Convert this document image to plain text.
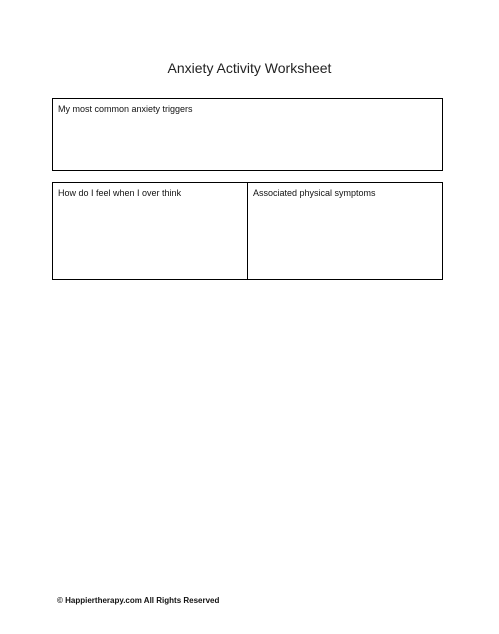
Anxiety Activity Worksheet
My most common anxiety triggers
How do I feel when I over think	Associated physical symptoms
© Happiertherapy.com All Rights Reserved
